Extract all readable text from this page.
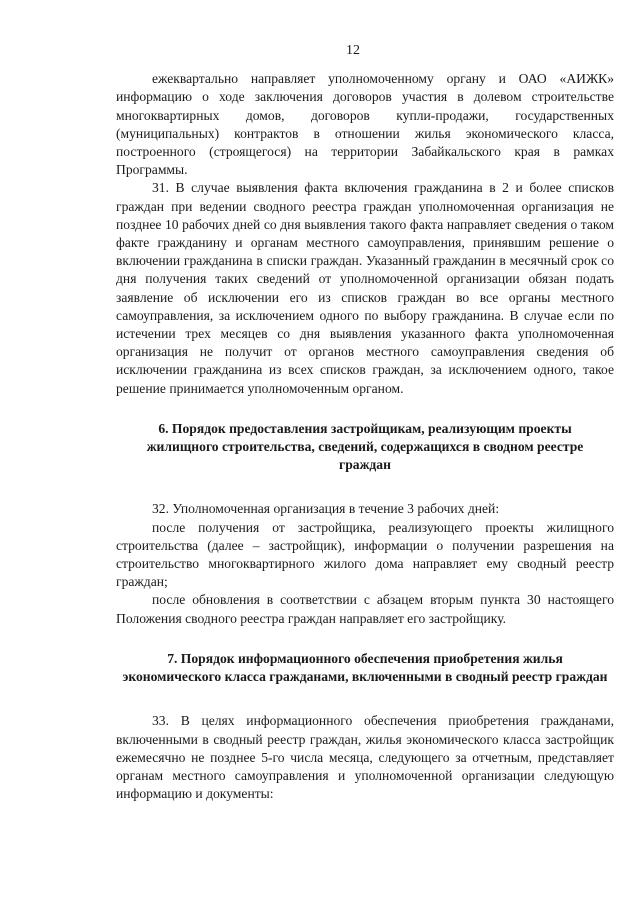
12

ежеквартально направляет уполномоченному органу и ОАО «АИЖК» информацию о ходе заключения договоров участия в долевом строительстве многоквартирных домов, договоров купли-продажи, государственных (муниципальных) контрактов в отношении жилья экономического класса, построенного (строящегося) на территории Забайкальского края в рамках Программы.

31. В случае выявления факта включения гражданина в 2 и более списков граждан при ведении сводного реестра граждан уполномоченная организация не позднее 10 рабочих дней со дня выявления такого факта направляет сведения о таком факте гражданину и органам местного самоуправления, принявшим решение о включении гражданина в списки граждан. Указанный гражданин в месячный срок со дня получения таких сведений от уполномоченной организации обязан подать заявление об исключении его из списков граждан во все органы местного самоуправления, за исключением одного по выбору гражданина. В случае если по истечении трех месяцев со дня выявления указанного факта уполномоченная организация не получит от органов местного самоуправления сведения об исключении гражданина из всех списков граждан, за исключением одного, такое решение принимается уполномоченным органом.

6. Порядок предоставления застройщикам, реализующим проекты жилищного строительства, сведений, содержащихся в сводном реестре граждан

32. Уполномоченная организация в течение 3 рабочих дней:

после получения от застройщика, реализующего проекты жилищного строительства (далее – застройщик), информации о получении разрешения на строительство многоквартирного жилого дома направляет ему сводный реестр граждан;

после обновления в соответствии с абзацем вторым пункта 30 настоящего Положения сводного реестра граждан направляет его застройщику.

7. Порядок информационного обеспечения приобретения жилья экономического класса гражданами, включенными в сводный реестр граждан

33. В целях информационного обеспечения приобретения гражданами, включенными в сводный реестр граждан, жилья экономического класса застройщик ежемесячно не позднее 5-го числа месяца, следующего за отчетным, представляет органам местного самоуправления и уполномоченной организации следующую информацию и документы:
